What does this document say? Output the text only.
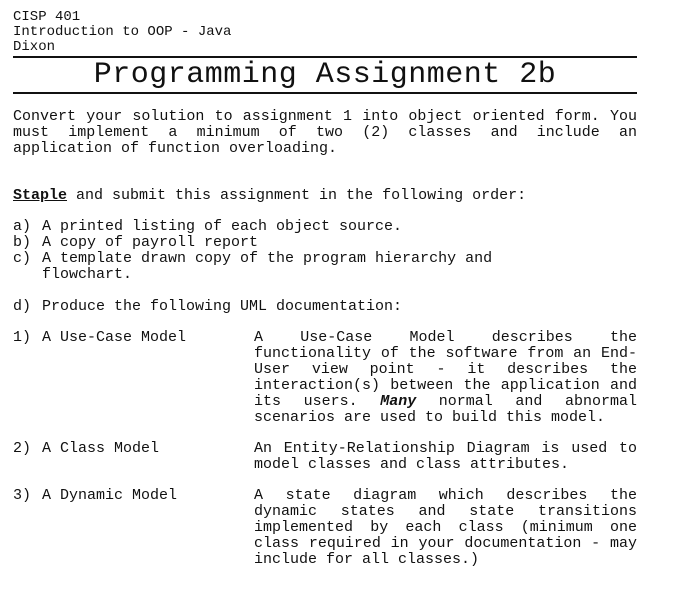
CISP 401
Introduction to OOP - Java
Dixon
Programming Assignment 2b
Convert your solution to assignment 1 into object oriented form. You must implement a minimum of two (2) classes and include an application of function overloading.
Staple and submit this assignment in the following order:
a) A printed listing of each object source.
b) A copy of payroll report
c) A template drawn copy of the program hierarchy and flowchart.
d) Produce the following UML documentation:
1) A Use-Case Model	A Use-Case Model describes the functionality of the software from an End-User view point - it describes the interaction(s) between the application and its users. Many normal and abnormal scenarios are used to build this model.
2) A Class Model	An Entity-Relationship Diagram is used to model classes and class attributes.
3) A Dynamic Model	A state diagram which describes the dynamic states and state transitions implemented by each class (minimum one class required in your documentation - may include for all classes.)
